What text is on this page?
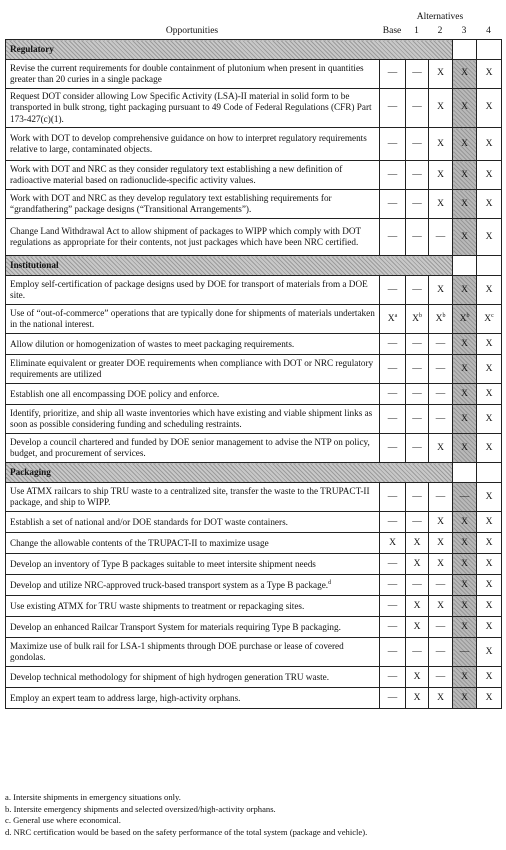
Opportunities
Alternatives
Base	1	2	3	4
Regulatory					
Revise the current requirements for double containment of plutonium when present in quantities greater than 20 curies in a single package	—	—	X	X	X
Request DOT consider allowing Low Specific Activity (LSA)-II material in solid form to be transported in bulk strong, tight packaging pursuant to 49 Code of Federal Regulations (CFR) Part 173-427(c)(1).	—	—	X	X	X
Work with DOT to develop comprehensive guidance on how to interpret regulatory requirements relative to large, contaminated objects.	—	—	X	X	X
Work with DOT and NRC as they consider regulatory text establishing a new definition of radioactive material based on radionuclide-specific activity values.	—	—	X	X	X
Work with DOT and NRC as they develop regulatory text establishing requirements for “grandfathering” package designs (“Transitional Arrangements”).	—	—	X	X	X
Change Land Withdrawal Act to allow shipment of packages to WIPP which comply with DOT regulations as appropriate for their contents, not just packages which have been NRC certified.	—	—	—	X	X
Institutional					
Employ self-certification of package designs used by DOE for transport of materials from a DOE site.	—	—	X	X	X
Use of “out-of-commerce” operations that are typically done for shipments of materials undertaken in the national interest.	$X^a$	$X^b$	$X^b$	$X^b$	$X^c$
Allow dilution or homogenization of wastes to meet packaging requirements.	—	—	—	X	X
Eliminate equivalent or greater DOE requirements when compliance with DOT or NRC regulatory requirements are utilized	—	—	—	X	X
Establish one all encompassing DOE policy and enforce.	—	—	—	X	X
Identify, prioritize, and ship all waste inventories which have existing and viable shipment links as soon as possible considering funding and scheduling restraints.	—	—	—	X	X
Develop a council chartered and funded by DOE senior management to advise the NTP on policy, budget, and procurement of services.	—	—	X	X	X
Packaging					
Use ATMX railcars to ship TRU waste to a centralized site, transfer the waste to the TRUPACT-II package, and ship to WIPP.	—	—	—	—	X
Establish a set of national and/or DOE standards for DOT waste containers.	—	—	X	X	X
Change the allowable contents of the TRUPACT-II to maximize usage	X	X	X	X	X
Develop an inventory of Type B packages suitable to meet intersite shipment needs	—	X	X	X	X
Develop and utilize NRC-approved truck-based transport system as a Type B package.$^d$	—	—	—	X	X
Use existing ATMX for TRU waste shipments to treatment or repackaging sites.	—	X	X	X	X
Develop an enhanced Railcar Transport System for materials requiring Type B packaging.	—	X	—	X	X
Maximize use of bulk rail for LSA-1 shipments through DOE purchase or lease of covered gondolas.	—	—	—	—	X
Develop technical methodology for shipment of high hydrogen generation TRU waste.	—	X	—	X	X
Employ an expert team to address large, high-activity orphans.	—	X	X	X	X
a. Intersite shipments in emergency situations only.
b. Intersite emergency shipments and selected oversized/high-activity orphans.
c. General use where economical.
d. NRC certification would be based on the safety performance of the total system (package and vehicle).
